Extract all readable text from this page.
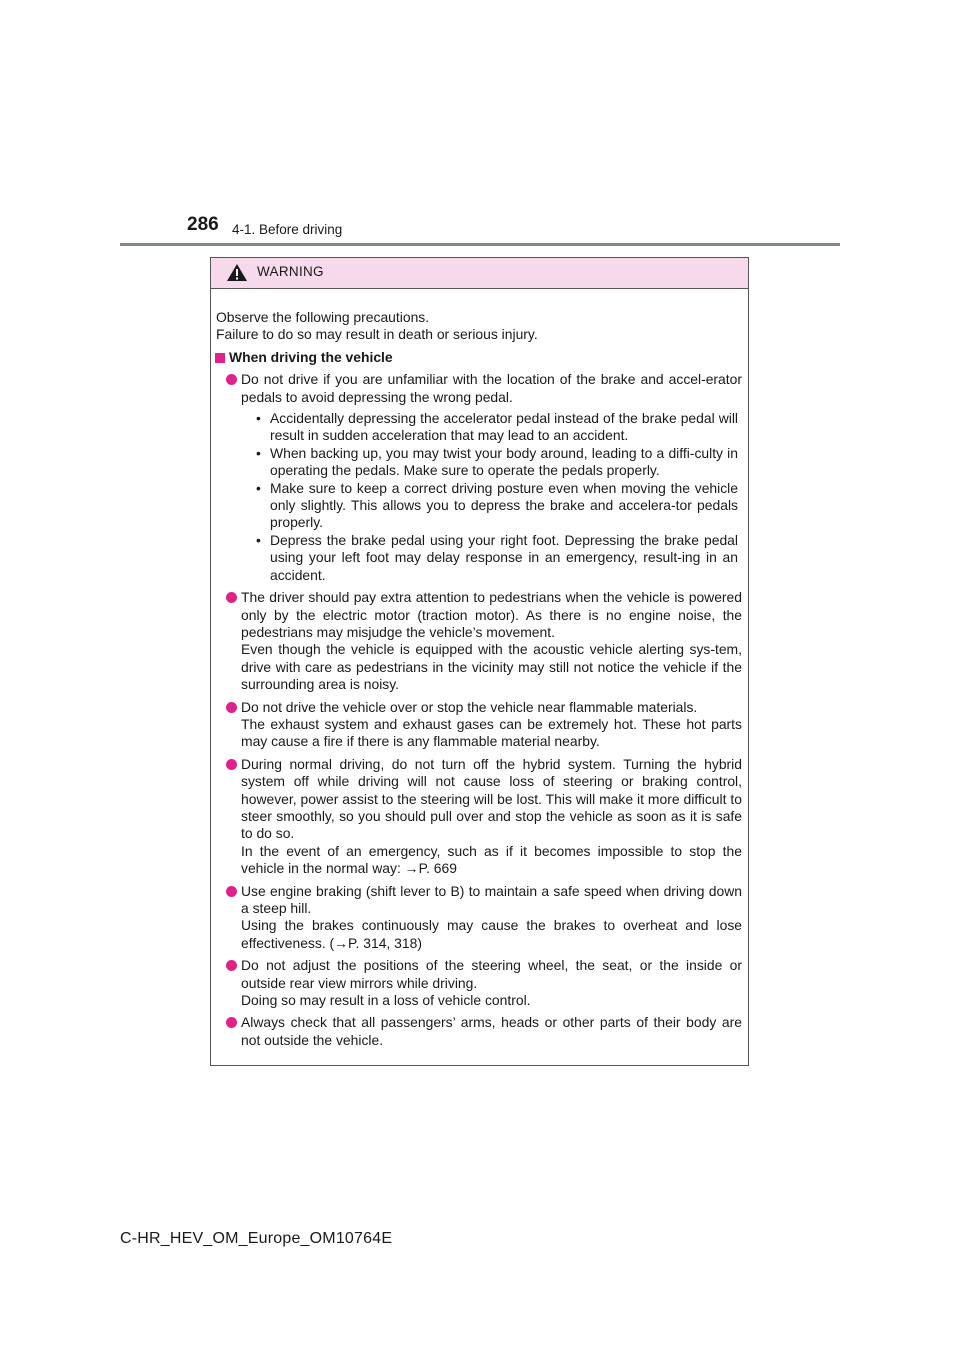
286 4-1. Before driving
WARNING
Observe the following precautions.
Failure to do so may result in death or serious injury.
When driving the vehicle
Do not drive if you are unfamiliar with the location of the brake and accel-erator pedals to avoid depressing the wrong pedal.
• Accidentally depressing the accelerator pedal instead of the brake pedal will result in sudden acceleration that may lead to an accident.
• When backing up, you may twist your body around, leading to a diffi-culty in operating the pedals. Make sure to operate the pedals properly.
• Make sure to keep a correct driving posture even when moving the vehicle only slightly. This allows you to depress the brake and accelera-tor pedals properly.
• Depress the brake pedal using your right foot. Depressing the brake pedal using your left foot may delay response in an emergency, result-ing in an accident.
The driver should pay extra attention to pedestrians when the vehicle is powered only by the electric motor (traction motor). As there is no engine noise, the pedestrians may misjudge the vehicle’s movement.
Even though the vehicle is equipped with the acoustic vehicle alerting sys-tem, drive with care as pedestrians in the vicinity may still not notice the vehicle if the surrounding area is noisy.
Do not drive the vehicle over or stop the vehicle near flammable materials.
The exhaust system and exhaust gases can be extremely hot. These hot parts may cause a fire if there is any flammable material nearby.
During normal driving, do not turn off the hybrid system. Turning the hybrid system off while driving will not cause loss of steering or braking control, however, power assist to the steering will be lost. This will make it more difficult to steer smoothly, so you should pull over and stop the vehicle as soon as it is safe to do so.
In the event of an emergency, such as if it becomes impossible to stop the vehicle in the normal way: →P. 669
Use engine braking (shift lever to B) to maintain a safe speed when driving down a steep hill.
Using the brakes continuously may cause the brakes to overheat and lose effectiveness. (→P. 314, 318)
Do not adjust the positions of the steering wheel, the seat, or the inside or outside rear view mirrors while driving.
Doing so may result in a loss of vehicle control.
Always check that all passengers’ arms, heads or other parts of their body are not outside the vehicle.
C-HR_HEV_OM_Europe_OM10764E
